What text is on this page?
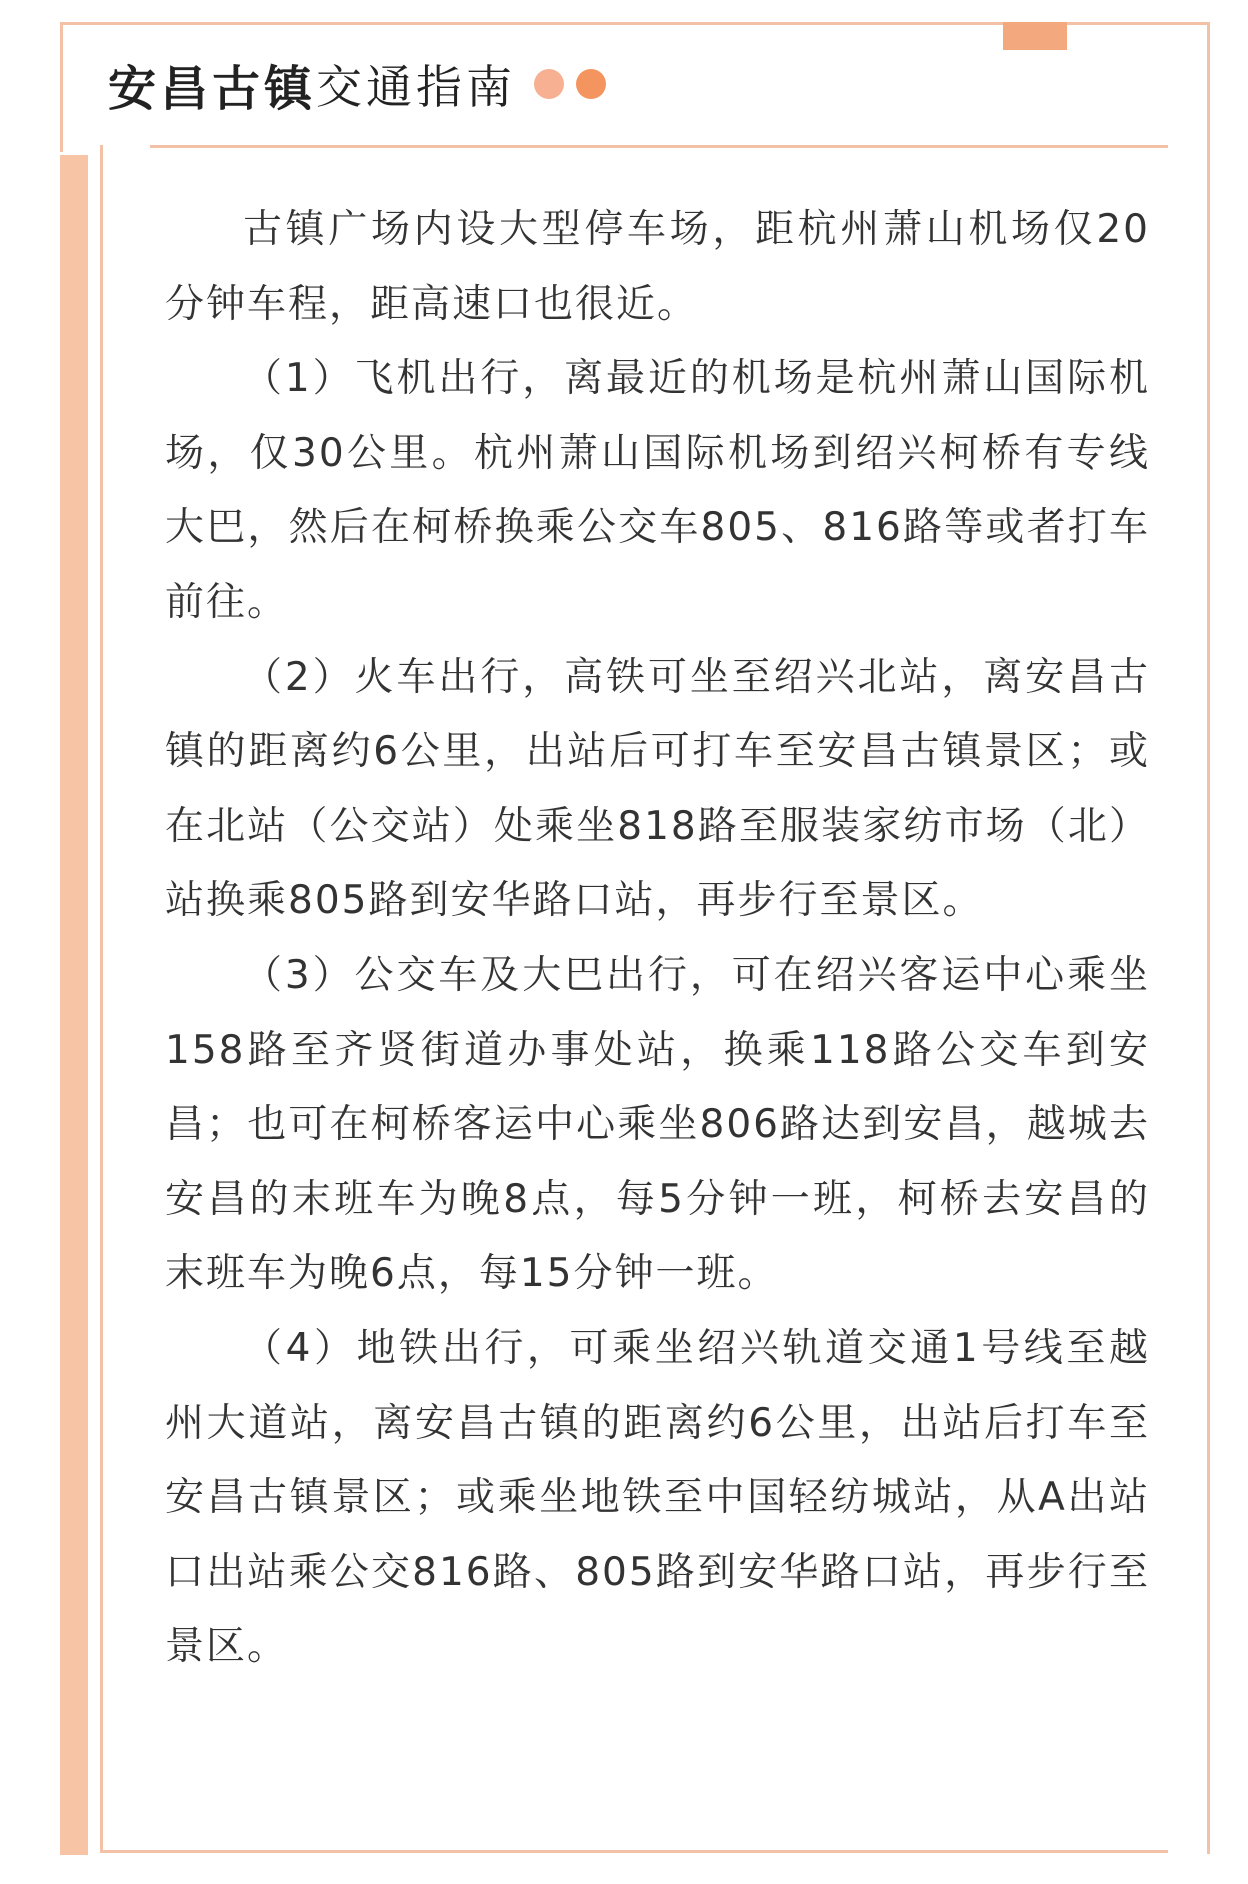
安昌古镇 交通指南

古镇广场内设大型停车场，距杭州萧山机场仅20分钟车程，距高速口也很近。

（1）飞机出行，离最近的机场是杭州萧山国际机场，仅30公里。杭州萧山国际机场到绍兴柯桥有专线大巴，然后在柯桥换乘公交车805、816路等或者打车前往。

（2）火车出行，高铁可坐至绍兴北站，离安昌古镇的距离约6公里，出站后可打车至安昌古镇景区；或在北站（公交站）处乘坐818路至服装家纺市场（北）站换乘805路到安华路口站，再步行至景区。

（3）公交车及大巴出行，可在绍兴客运中心乘坐158路至齐贤街道办事处站，换乘118路公交车到安昌；也可在柯桥客运中心乘坐806路达到安昌，越城去安昌的末班车为晚8点，每5分钟一班，柯桥去安昌的末班车为晚6点，每15分钟一班。

（4）地铁出行，可乘坐绍兴轨道交通1号线至越州大道站，离安昌古镇的距离约6公里，出站后打车至安昌古镇景区；或乘坐地铁至中国轻纺城站，从A出站口出站乘公交816路、805路到安华路口站，再步行至景区。
